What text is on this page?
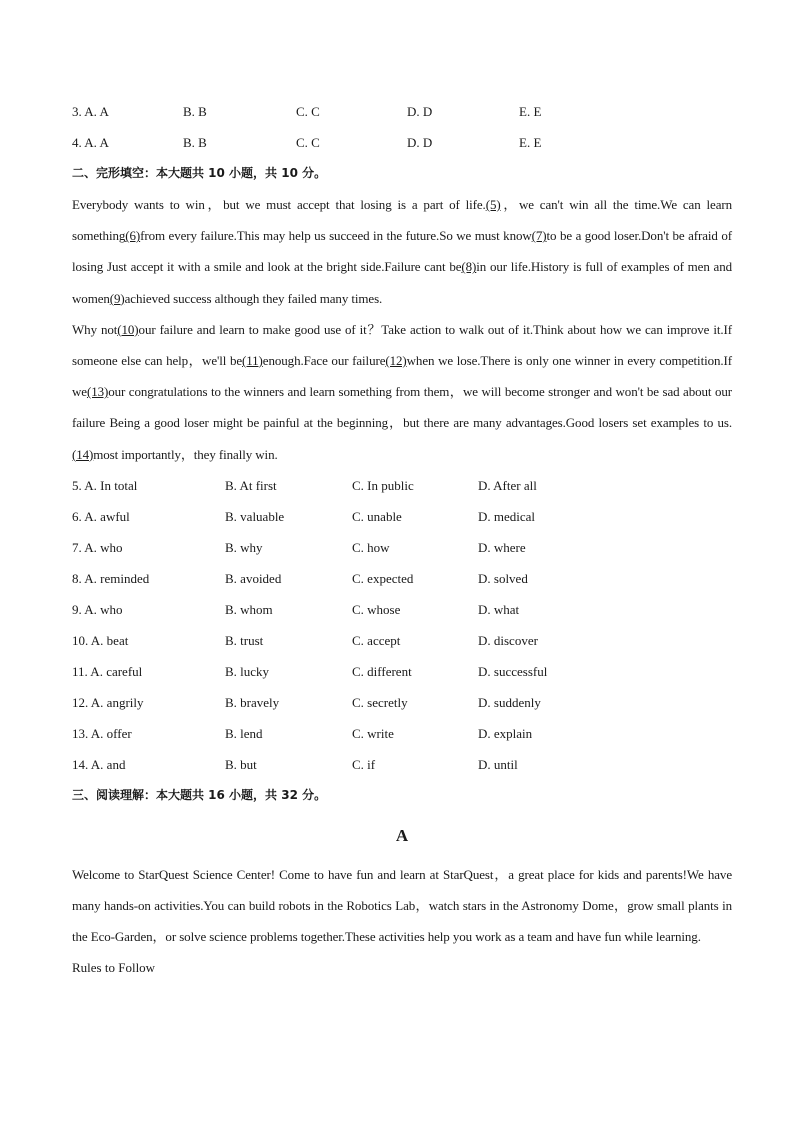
3. A. A	B. B	C. C	D. D	E. E
4. A. A	B. B	C. C	D. D	E. E
二、完形填空：本大题共 10 小题，共 10 分。

Everybody wants to win，but we must accept that losing is a part of life.(5)，we can't win all the time.We can learn something(6)from every failure.This may help us succeed in the future.So we must know(7)to be a good loser.Don't be afraid of losing Just accept it with a smile and look at the bright side.Failure cant be(8)in our life.History is full of examples of men and women(9)achieved success although they failed many times.

Why not(10)our failure and learn to make good use of it？Take action to walk out of it.Think about how we can improve it.If someone else can help，we'll be(11)enough.Face our failure(12)when we lose.There is only one winner in every competition.If we(13)our congratulations to the winners and learn something from them，we will become stronger and won't be sad about our failure Being a good loser might be painful at the beginning，but there are many advantages.Good losers set examples to us.(14)most importantly，they finally win.

5. A. In total	B. At first	C. In public	D. After all
6. A. awful	B. valuable	C. unable	D. medical
7. A. who	B. why	C. how	D. where
8. A. reminded	B. avoided	C. expected	D. solved
9. A. who	B. whom	C. whose	D. what
10. A. beat	B. trust	C. accept	D. discover
11. A. careful	B. lucky	C. different	D. successful
12. A. angrily	B. bravely	C. secretly	D. suddenly
13. A. offer	B. lend	C. write	D. explain
14. A. and	B. but	C. if	D. until
三、阅读理解：本大题共 16 小题，共 32 分。
A
Welcome to StarQuest Science Center! Come to have fun and learn at StarQuest，a great place for kids and parents!We have many hands-on activities.You can build robots in the Robotics Lab，watch stars in the Astronomy Dome，grow small plants in the Eco-Garden，or solve science problems together.These activities help you work as a team and have fun while learning.
Rules to Follow
